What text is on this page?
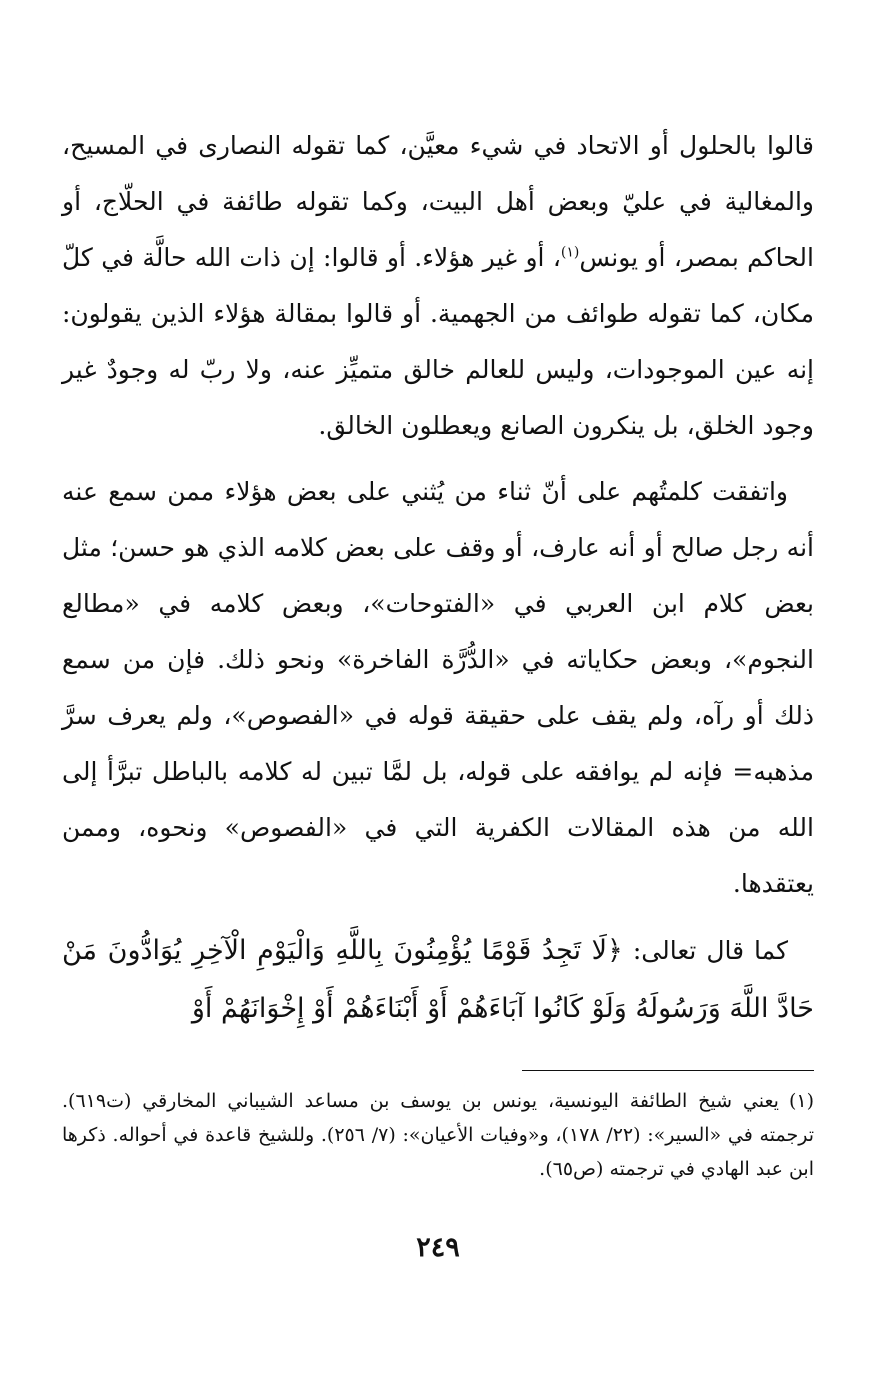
قالوا بالحلول أو الاتحاد في شيء معيَّن، كما تقوله النصارى في المسيح، والمغالية في عليّ وبعض أهل البيت، وكما تقوله طائفة في الحلّاج، أو الحاكم بمصر، أو يونس$^{(١)}$، أو غير هؤلاء. أو قالوا: إن ذات الله حالَّة في كلّ مكان، كما تقوله طوائف من الجهمية. أو قالوا بمقالة هؤلاء الذين يقولون: إنه عين الموجودات، وليس للعالم خالق متميِّز عنه، ولا ربّ له وجودٌ غير وجود الخلق، بل ينكرون الصانع ويعطلون الخالق.

واتفقت كلمتُهم على أنّ ثناء من يُثني على بعض هؤلاء ممن سمع عنه أنه رجل صالح أو أنه عارف، أو وقف على بعض كلامه الذي هو حسن؛ مثل بعض كلام ابن العربي في «الفتوحات»، وبعض كلامه في «مطالع النجوم»، وبعض حكاياته في «الدُّرَّة الفاخرة» ونحو ذلك. فإن من سمع ذلك أو رآه، ولم يقف على حقيقة قوله في «الفصوص»، ولم يعرف سرَّ مذهبه= فإنه لم يوافقه على قوله، بل لمَّا تبين له كلامه بالباطل تبرَّأ إلى الله من هذه المقالات الكفرية التي في «الفصوص» ونحوه، وممن يعتقدها.

كما قال تعالى: ﴿لَا تَجِدُ قَوْمًا يُؤْمِنُونَ بِاللَّهِ وَالْيَوْمِ الْآخِرِ يُوَادُّونَ مَنْ حَادَّ اللَّهَ وَرَسُولَهُ وَلَوْ كَانُوا آبَاءَهُمْ أَوْ أَبْنَاءَهُمْ أَوْ إِخْوَانَهُمْ أَوْ

(١)يعني شيخ الطائفة اليونسية، يونس بن يوسف بن مساعد الشيباني المخارقي (ت٦١٩). ترجمته في «السير»: (٢٢/ ١٧٨)، و«وفيات الأعيان»: (٧/ ٢٥٦). وللشيخ قاعدة في أحواله. ذكرها ابن عبد الهادي في ترجمته (ص٦٥).
٢٤٩
